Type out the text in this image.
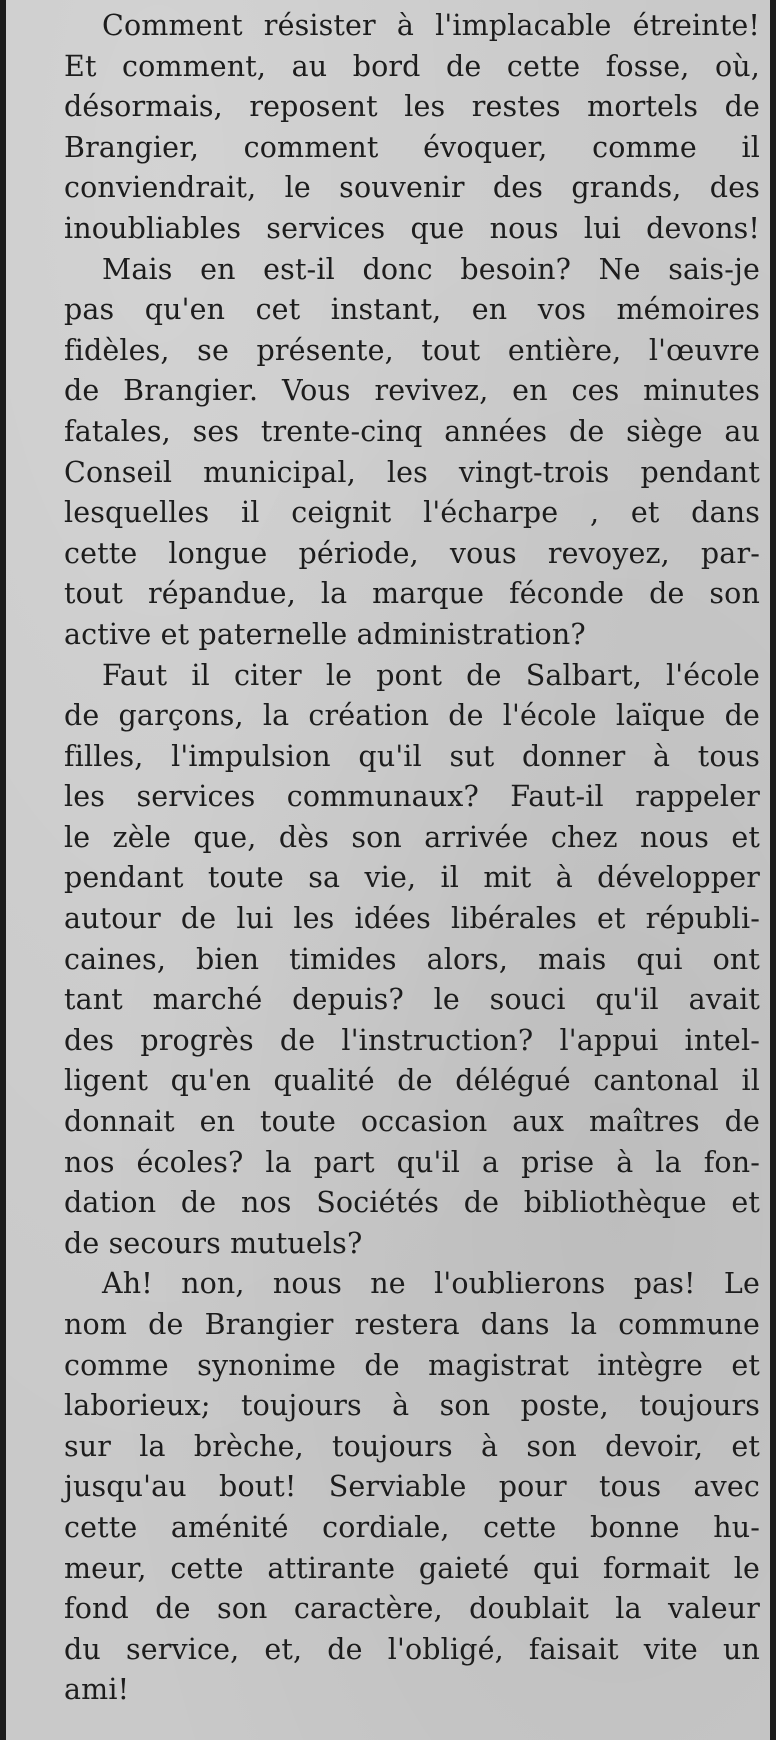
Comment résister à l'implacable étreinte!
Et comment, au bord de cette fosse, où,
désormais, reposent les restes mortels de
Brangier, comment évoquer, comme il
conviendrait, le souvenir des grands, des
inoubliables services que nous lui devons!

Mais en est-il donc besoin? Ne sais-je
pas qu'en cet instant, en vos mémoires
fidèles, se présente, tout entière, l'œuvre
de Brangier. Vous revivez, en ces minutes
fatales, ses trente-cinq années de siège au
Conseil municipal, les vingt-trois pendant
lesquelles il ceignit l'écharpe , et dans
cette longue période, vous revoyez, par-
tout répandue, la marque féconde de son
active et paternelle administration?

Faut il citer le pont de Salbart, l'école
de garçons, la création de l'école laïque de
filles, l'impulsion qu'il sut donner à tous
les services communaux? Faut-il rappeler
le zèle que, dès son arrivée chez nous et
pendant toute sa vie, il mit à développer
autour de lui les idées libérales et républi-
caines, bien timides alors, mais qui ont
tant marché depuis? le souci qu'il avait
des progrès de l'instruction? l'appui intel-
ligent qu'en qualité de délégué cantonal il
donnait en toute occasion aux maîtres de
nos écoles? la part qu'il a prise à la fon-
dation de nos Sociétés de bibliothèque et
de secours mutuels?

Ah! non, nous ne l'oublierons pas! Le
nom de Brangier restera dans la commune
comme synonime de magistrat intègre et
laborieux; toujours à son poste, toujours
sur la brèche, toujours à son devoir, et
jusqu'au bout! Serviable pour tous avec
cette aménité cordiale, cette bonne hu-
meur, cette attirante gaieté qui formait le
fond de son caractère, doublait la valeur
du service, et, de l'obligé, faisait vite un
ami!
